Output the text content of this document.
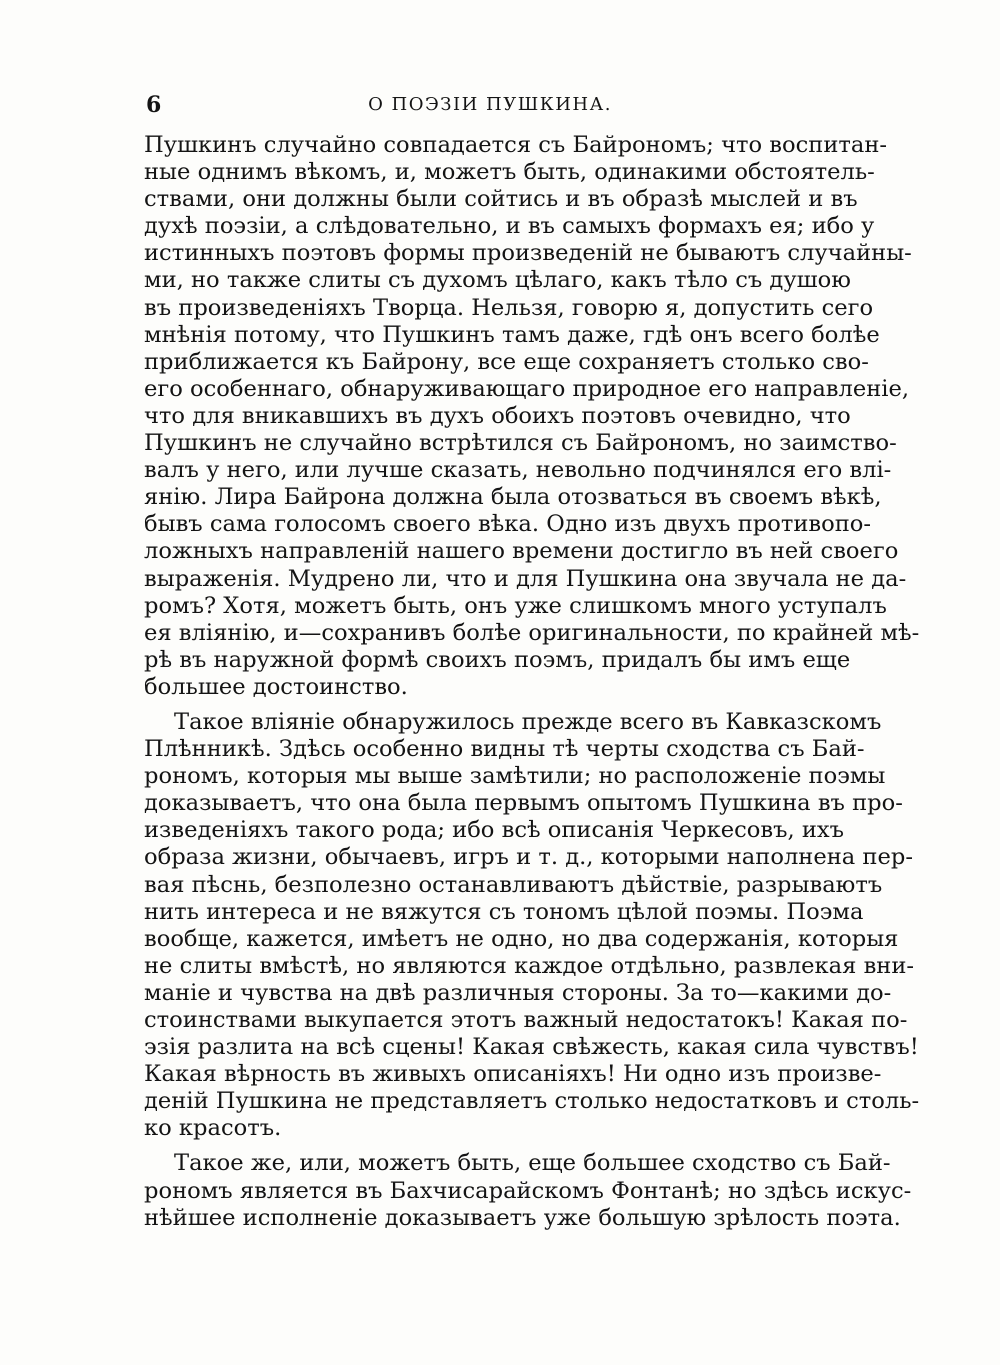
6	О ПОЭЗІИ ПУШКИНА.
Пушкинъ случайно совпадается съ Байрономъ; что воспитан-
ные однимъ вѣкомъ, и, можетъ быть, одинакими обстоятель-
ствами, они должны были сойтись и въ образѣ мыслей и въ
духѣ поэзіи, а слѣдовательно, и въ самыхъ формахъ ея; ибо у
истинныхъ поэтовъ формы произведеній не бываютъ случайны-
ми, но также слиты съ духомъ цѣлаго, какъ тѣло съ душою
въ произведеніяхъ Творца. Нельзя, говорю я, допустить сего
мнѣнія потому, что Пушкинъ тамъ даже, гдѣ онъ всего болѣе
приближается къ Байрону, все еще сохраняетъ столько сво-
его особеннаго, обнаруживающаго природное его направленіе,
что для вникавшихъ въ духъ обоихъ поэтовъ очевидно, что
Пушкинъ не случайно встрѣтился съ Байрономъ, но заимство-
валъ у него, или лучше сказать, невольно подчинялся его влі-
янію. Лира Байрона должна была отозваться въ своемъ вѣкѣ,
бывъ сама голосомъ своего вѣка. Одно изъ двухъ противопо-
ложныхъ направленій нашего времени достигло въ ней своего
выраженія. Мудрено ли, что и для Пушкина она звучала не да-
ромъ? Хотя, можетъ быть, онъ уже слишкомъ много уступалъ
ея вліянію, и—сохранивъ болѣе оригинальности, по крайней мѣ-
рѣ въ наружной формѣ своихъ поэмъ, придалъ бы имъ еще
большее достоинство.
Такое вліяніе обнаружилось прежде всего въ Кавказскомъ
Плѣнникѣ. Здѣсь особенно видны тѣ черты сходства съ Бай-
рономъ, которыя мы выше замѣтили; но расположеніе поэмы
доказываетъ, что она была первымъ опытомъ Пушкина въ про-
изведеніяхъ такого рода; ибо всѣ описанія Черкесовъ, ихъ
образа жизни, обычаевъ, игръ и т. д., которыми наполнена пер-
вая пѣснь, безполезно останавливаютъ дѣйствіе, разрываютъ
нить интереса и не вяжутся съ тономъ цѣлой поэмы. Поэма
вообще, кажется, имѣетъ не одно, но два содержанія, которыя
не слиты вмѣстѣ, но являются каждое отдѣльно, развлекая вни-
маніе и чувства на двѣ различныя стороны. За то—какими до-
стоинствами выкупается этотъ важный недостатокъ! Какая по-
эзія разлита на всѣ сцены! Какая свѣжесть, какая сила чувствъ!
Какая вѣрность въ живыхъ описаніяхъ! Ни одно изъ произве-
деній Пушкина не представляетъ столько недостатковъ и столь-
ко красотъ.
Такое же, или, можетъ быть, еще большее сходство съ Бай-
рономъ является въ Бахчисарайскомъ Фонтанѣ; но здѣсь искус-
нѣйшее исполненіе доказываетъ уже большую зрѣлость поэта.
